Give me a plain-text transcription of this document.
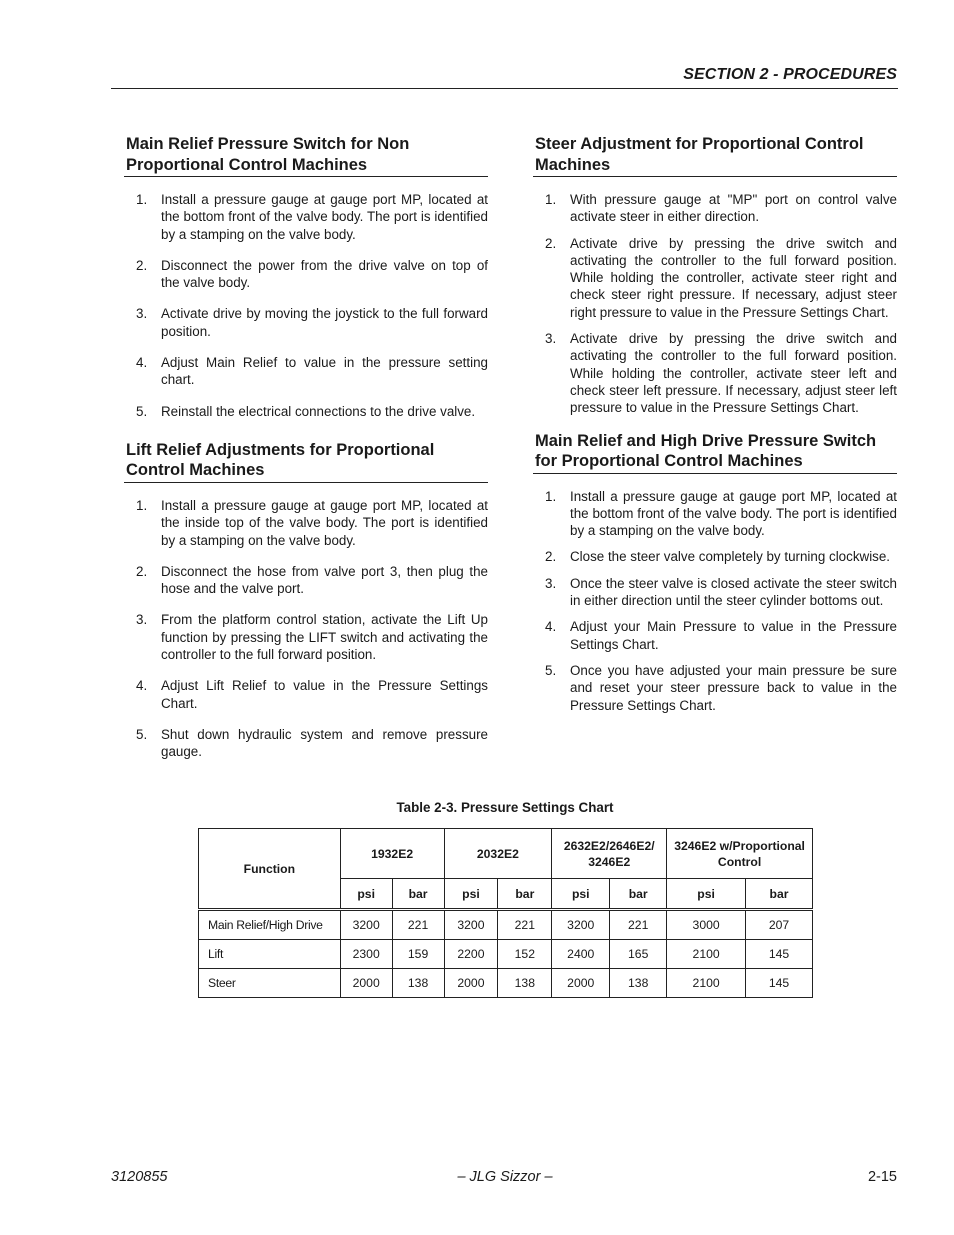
SECTION 2 - PROCEDURES
Main Relief Pressure Switch for Non
Proportional Control Machines
1. Install a pressure gauge at gauge port MP, located at the bottom front of the valve body. The port is identified by a stamping on the valve body.
2. Disconnect the power from the drive valve on top of the valve body.
3. Activate drive by moving the joystick to the full forward position.
4. Adjust Main Relief to value in the pressure setting chart.
5. Reinstall the electrical connections to the drive valve.
Lift Relief Adjustments for Proportional
Control Machines
1. Install a pressure gauge at gauge port MP, located at the inside top of the valve body. The port is identified by a stamping on the valve body.
2. Disconnect the hose from valve port 3, then plug the hose and the valve port.
3. From the platform control station, activate the Lift Up function by pressing the LIFT switch and activating the controller to the full forward position.
4. Adjust Lift Relief to value in the Pressure Settings Chart.
5. Shut down hydraulic system and remove pressure gauge.
Steer Adjustment for Proportional Control
Machines
1. With pressure gauge at "MP" port on control valve activate steer in either direction.
2. Activate drive by pressing the drive switch and activating the controller to the full forward position. While holding the controller, activate steer right and check steer right pressure. If necessary, adjust steer right pressure to value in the Pressure Settings Chart.
3. Activate drive by pressing the drive switch and activating the controller to the full forward position. While holding the controller, activate steer left and check steer left pressure. If necessary, adjust steer left pressure to value in the Pressure Settings Chart.
Main Relief and High Drive Pressure Switch
for Proportional Control Machines
1. Install a pressure gauge at gauge port MP, located at the bottom front of the valve body. The port is identified by a stamping on the valve body.
2. Close the steer valve completely by turning clockwise.
3. Once the steer valve is closed activate the steer switch in either direction until the steer cylinder bottoms out.
4. Adjust your Main Pressure to value in the Pressure Settings Chart.
5. Once you have adjusted your main pressure be sure and reset your steer pressure back to value in the Pressure Settings Chart.
Table 2-3. Pressure Settings Chart
Function	1932E2		2032E2		2632E2/2646E2/ 3246E2		3246E2 w/Proportional Control	
	psi	bar	psi	bar	psi	bar	psi	bar

Main Relief/High Drive	3200	221	3200	221	3200	221	3000	207
Lift	2300	159	2200	152	2400	165	2100	145
Steer	2000	138	2000	138	2000	138	2100	145
3120855	– JLG Sizzor –	2-15
